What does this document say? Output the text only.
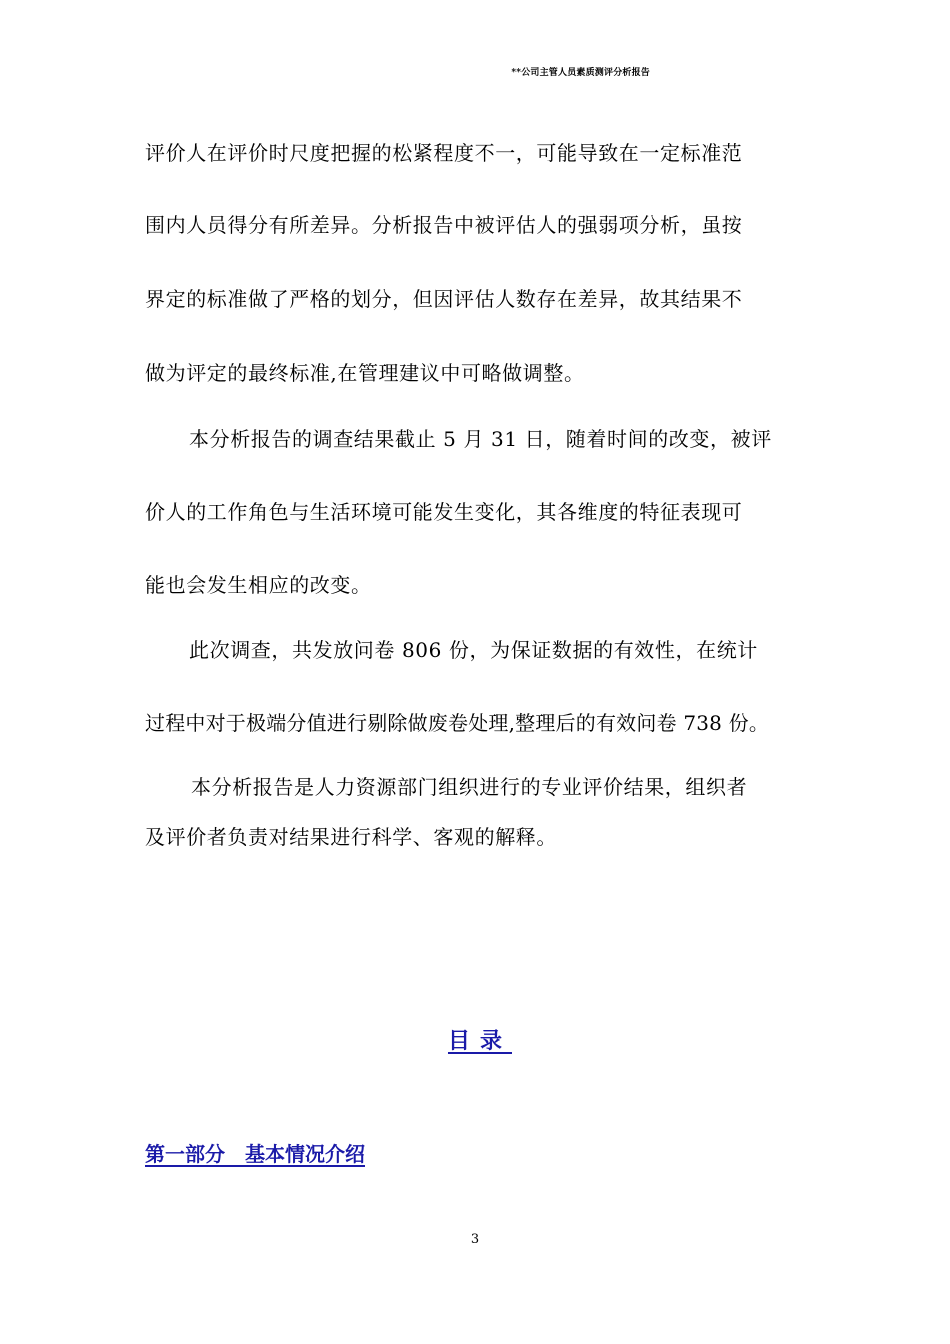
**公司主管人员素质测评分析报告
评价人在评价时尺度把握的松紧程度不一，可能导致在一定标准范
围内人员得分有所差异。分析报告中被评估人的强弱项分析，虽按
界定的标准做了严格的划分，但因评估人数存在差异，故其结果不
做为评定的最终标准,在管理建议中可略做调整。
本分析报告的调查结果截止 5 月 31 日，随着时间的改变，被评
价人的工作角色与生活环境可能发生变化，其各维度的特征表现可
能也会发生相应的改变。
此次调查，共发放问卷 806 份，为保证数据的有效性，在统计
过程中对于极端分值进行剔除做废卷处理,整理后的有效问卷 738 份。
本分析报告是人力资源部门组织进行的专业评价结果，组织者
及评价者负责对结果进行科学、客观的解释。
目录
第一部分　基本情况介绍
3
